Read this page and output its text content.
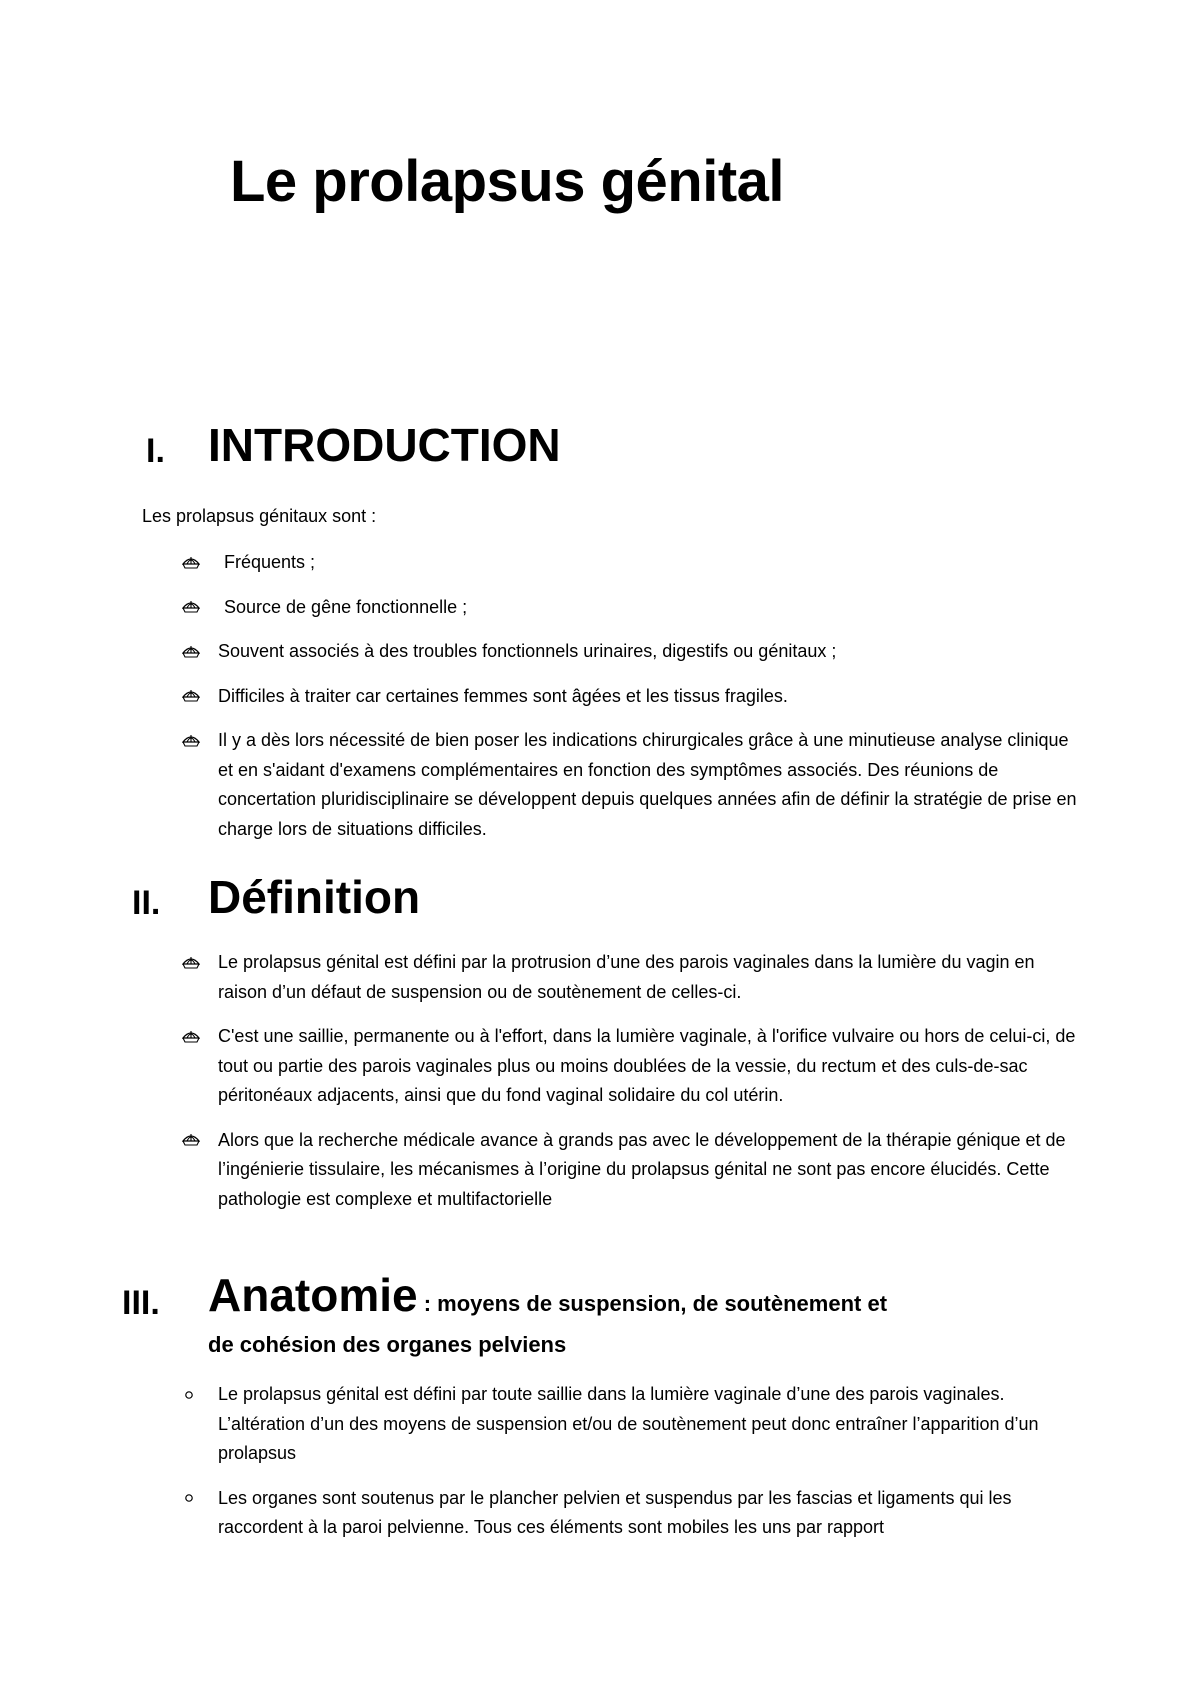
Le prolapsus génital
I. INTRODUCTION
Les prolapsus génitaux sont :
Fréquents ;
Source de gêne fonctionnelle ;
Souvent associés à des troubles fonctionnels urinaires, digestifs ou génitaux ;
Difficiles à traiter car certaines femmes sont âgées et les tissus fragiles.
Il y a dès lors nécessité de bien poser les indications chirurgicales grâce à une minutieuse analyse clinique et en s'aidant d'examens complémentaires en fonction des symptômes associés. Des réunions de concertation pluridisciplinaire se développent depuis quelques années afin de définir la stratégie de prise en charge lors de situations difficiles.
II. Définition
Le prolapsus génital est défini par la protrusion d’une des parois vaginales dans la lumière du vagin en raison d’un défaut de suspension ou de soutènement de celles-ci.
C'est une saillie, permanente ou à l'effort, dans la lumière vaginale, à l'orifice vulvaire ou hors de celui-ci, de tout ou partie des parois vaginales plus ou moins doublées de la vessie, du rectum et des culs-de-sac péritonéaux adjacents, ainsi que du fond vaginal solidaire du col utérin.
Alors que la recherche médicale avance à grands pas avec le développement de la thérapie génique et de l’ingénierie tissulaire, les mécanismes à l’origine du prolapsus génital ne sont pas encore élucidés. Cette pathologie est complexe et multifactorielle
III. Anatomie : moyens de suspension, de soutènement et
de cohésion des organes pelviens
Le prolapsus génital est défini par toute saillie dans la lumière vaginale d’une des parois vaginales. L’altération d’un des moyens de suspension et/ou de soutènement peut donc entraîner l’apparition d’un prolapsus
Les organes sont soutenus par le plancher pelvien et suspendus par les fascias et ligaments qui les raccordent à la paroi pelvienne. Tous ces éléments sont mobiles les uns par rapport
